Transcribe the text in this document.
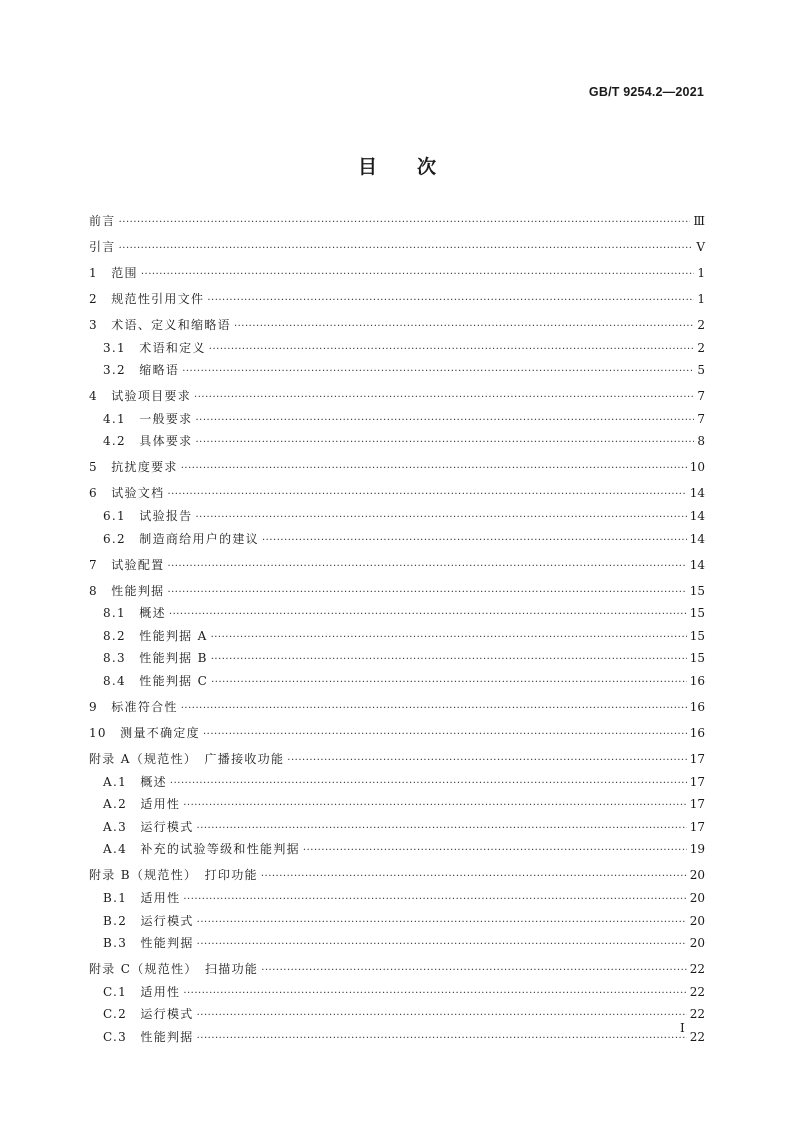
GB/T 9254.2—2021
目次
前言 ·····	Ⅲ
引言 ·····	Ⅴ
1　范围 ·····	1
2　规范性引用文件 ·····	1
3　术语、定义和缩略语 ·····	2
3.1　术语和定义 ·····	2
3.2　缩略语 ·····	5
4　试验项目要求 ·····	7
4.1　一般要求 ·····	7
4.2　具体要求 ·····	8
5　抗扰度要求 ·····	10
6　试验文档 ·····	14
6.1　试验报告 ·····	14
6.2　制造商给用户的建议 ·····	14
7　试验配置 ·····	14
8　性能判据 ·····	15
8.1　概述 ·····	15
8.2　性能判据 A ·····	15
8.3　性能判据 B ·····	15
8.4　性能判据 C ·····	16
9　标准符合性 ·····	16
10　测量不确定度 ·····	16
附录 A（规范性）　广播接收功能 ·····	17
A.1　概述 ·····	17
A.2　适用性 ·····	17
A.3　运行模式 ·····	17
A.4　补充的试验等级和性能判据 ·····	19
附录 B（规范性）　打印功能 ·····	20
B.1　适用性 ·····	20
B.2　运行模式 ·····	20
B.3　性能判据 ·····	20
附录 C（规范性）　扫描功能 ·····	22
C.1　适用性 ·····	22
C.2　运行模式 ·····	22
C.3　性能判据 ·····	22
Ⅰ
